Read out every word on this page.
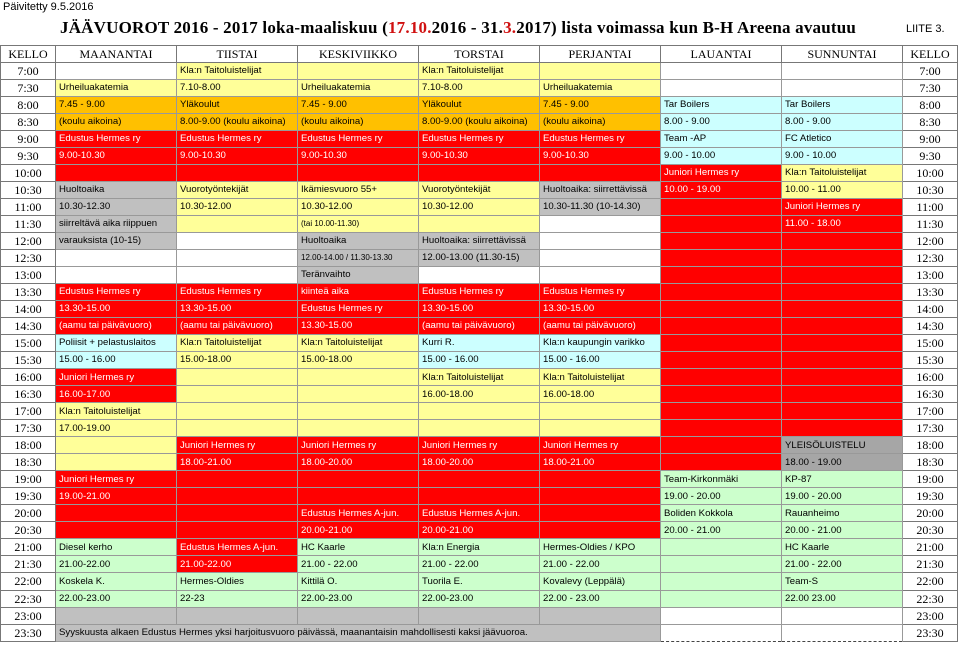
Päivitetty 9.5.2016
JÄÄVUOROT 2016 - 2017 loka-maaliskuu (17.10.2016 - 31.3.2017) lista voimassa kun B-H Areena avautuu	LIITE 3.
KELLO	MAANANTAI	TIISTAI	KESKIVIIKKO	TORSTAI	PERJANTAI	LAUANTAI	SUNNUNTAI	KELLO
7:00		Kla:n Taitoluistelijat		Kla:n Taitoluistelijat				7:00
7:30	Urheiluakatemia	7.10-8.00	Urheiluakatemia	7.10-8.00	Urheiluakatemia			7:30
8:00	7.45 - 9.00	Yläkoulut	7.45 - 9.00	Yläkoulut	7.45 - 9.00	Tar Boilers	Tar Boilers	8:00
8:30	(koulu aikoina)	8.00-9.00 (koulu aikoina)	(koulu aikoina)	8.00-9.00 (koulu aikoina)	(koulu aikoina)	8.00 - 9.00	8.00 - 9.00	8:30
9:00	Edustus Hermes ry	Edustus Hermes ry	Edustus Hermes ry	Edustus Hermes ry	Edustus Hermes ry	Team -AP	FC Atletico	9:00
9:30	9.00-10.30	9.00-10.30	9.00-10.30	9.00-10.30	9.00-10.30	9.00 - 10.00	9.00 - 10.00	9:30
10:00						Juniori Hermes ry	Kla:n Taitoluistelijat	10:00
10:30	Huoltoaika	Vuorotyöntekijät	Ikämiesvuoro 55+	Vuorotyöntekijät	Huoltoaika: siirrettävissä	10.00 - 19.00	10.00 - 11.00	10:30
11:00	10.30-12.30	10.30-12.00	10.30-12.00	10.30-12.00	10.30-11.30 (10-14.30)		Juniori Hermes ry	11:00
11:30	siirreltävä aika riippuen		(tai 10.00-11.30)				11.00 - 18.00	11:30
12:00	varauksista (10-15)		Huoltoaika	Huoltoaika: siirrettävissä				12:00
12:30			12.00-14.00 / 11.30-13.30	12.00-13.00 (11.30-15)				12:30
13:00			Teränvaihto					13:00
13:30	Edustus Hermes ry	Edustus Hermes ry	kiinteä aika	Edustus Hermes ry	Edustus Hermes ry			13:30
14:00	13.30-15.00	13.30-15.00	Edustus Hermes ry	13.30-15.00	13.30-15.00			14:00
14:30	(aamu tai päivävuoro)	(aamu tai päivävuoro)	13.30-15.00	(aamu tai päivävuoro)	(aamu tai päivävuoro)			14:30
15:00	Poliisit + pelastuslaitos	Kla:n Taitoluistelijat	Kla:n Taitoluistelijat	Kurri R.	Kla:n kaupungin varikko			15:00
15:30	15.00 - 16.00	15.00-18.00	15.00-18.00	15.00 - 16.00	15.00 - 16.00			15:30
16:00	Juniori Hermes ry			Kla:n Taitoluistelijat	Kla:n Taitoluistelijat			16:00
16:30	16.00-17.00			16.00-18.00	16.00-18.00			16:30
17:00	Kla:n Taitoluistelijat							17:00
17:30	17.00-19.00							17:30
18:00		Juniori Hermes ry	Juniori Hermes ry	Juniori Hermes ry	Juniori Hermes ry		YLEISÖLUISTELU	18:00
18:30		18.00-21.00	18.00-20.00	18.00-20.00	18.00-21.00		18.00 - 19.00	18:30
19:00	Juniori Hermes ry					Team-Kirkonmäki	KP-87	19:00
19:30	19.00-21.00					19.00 - 20.00	19.00 - 20.00	19:30
20:00			Edustus Hermes A-jun.	Edustus Hermes A-jun.		Boliden Kokkola	Rauanheimo	20:00
20:30			20.00-21.00	20.00-21.00		20.00 - 21.00	20.00 - 21.00	20:30
21:00	Diesel kerho	Edustus Hermes A-jun.	HC Kaarle	Kla:n Energia	Hermes-Oldies / KPO		HC Kaarle	21:00
21:30	21.00-22.00	21.00-22.00	21.00 - 22.00	21.00 - 22.00	21.00 - 22.00		21.00 - 22.00	21:30
22:00	Koskela K.	Hermes-Oldies	Kittilä O.	Tuorila E.	Kovalevy (Leppälä)		Team-S	22:00
22:30	22.00-23.00	22-23	22.00-23.00	22.00-23.00	22.00 - 23.00		22.00 23.00	22:30
23:00								23:00
23:30	Syyskuusta alkaen Edustus Hermes yksi harjoitusvuoro päivässä, maanantaisin mahdollisesti kaksi jäävuoroa.							23:30
